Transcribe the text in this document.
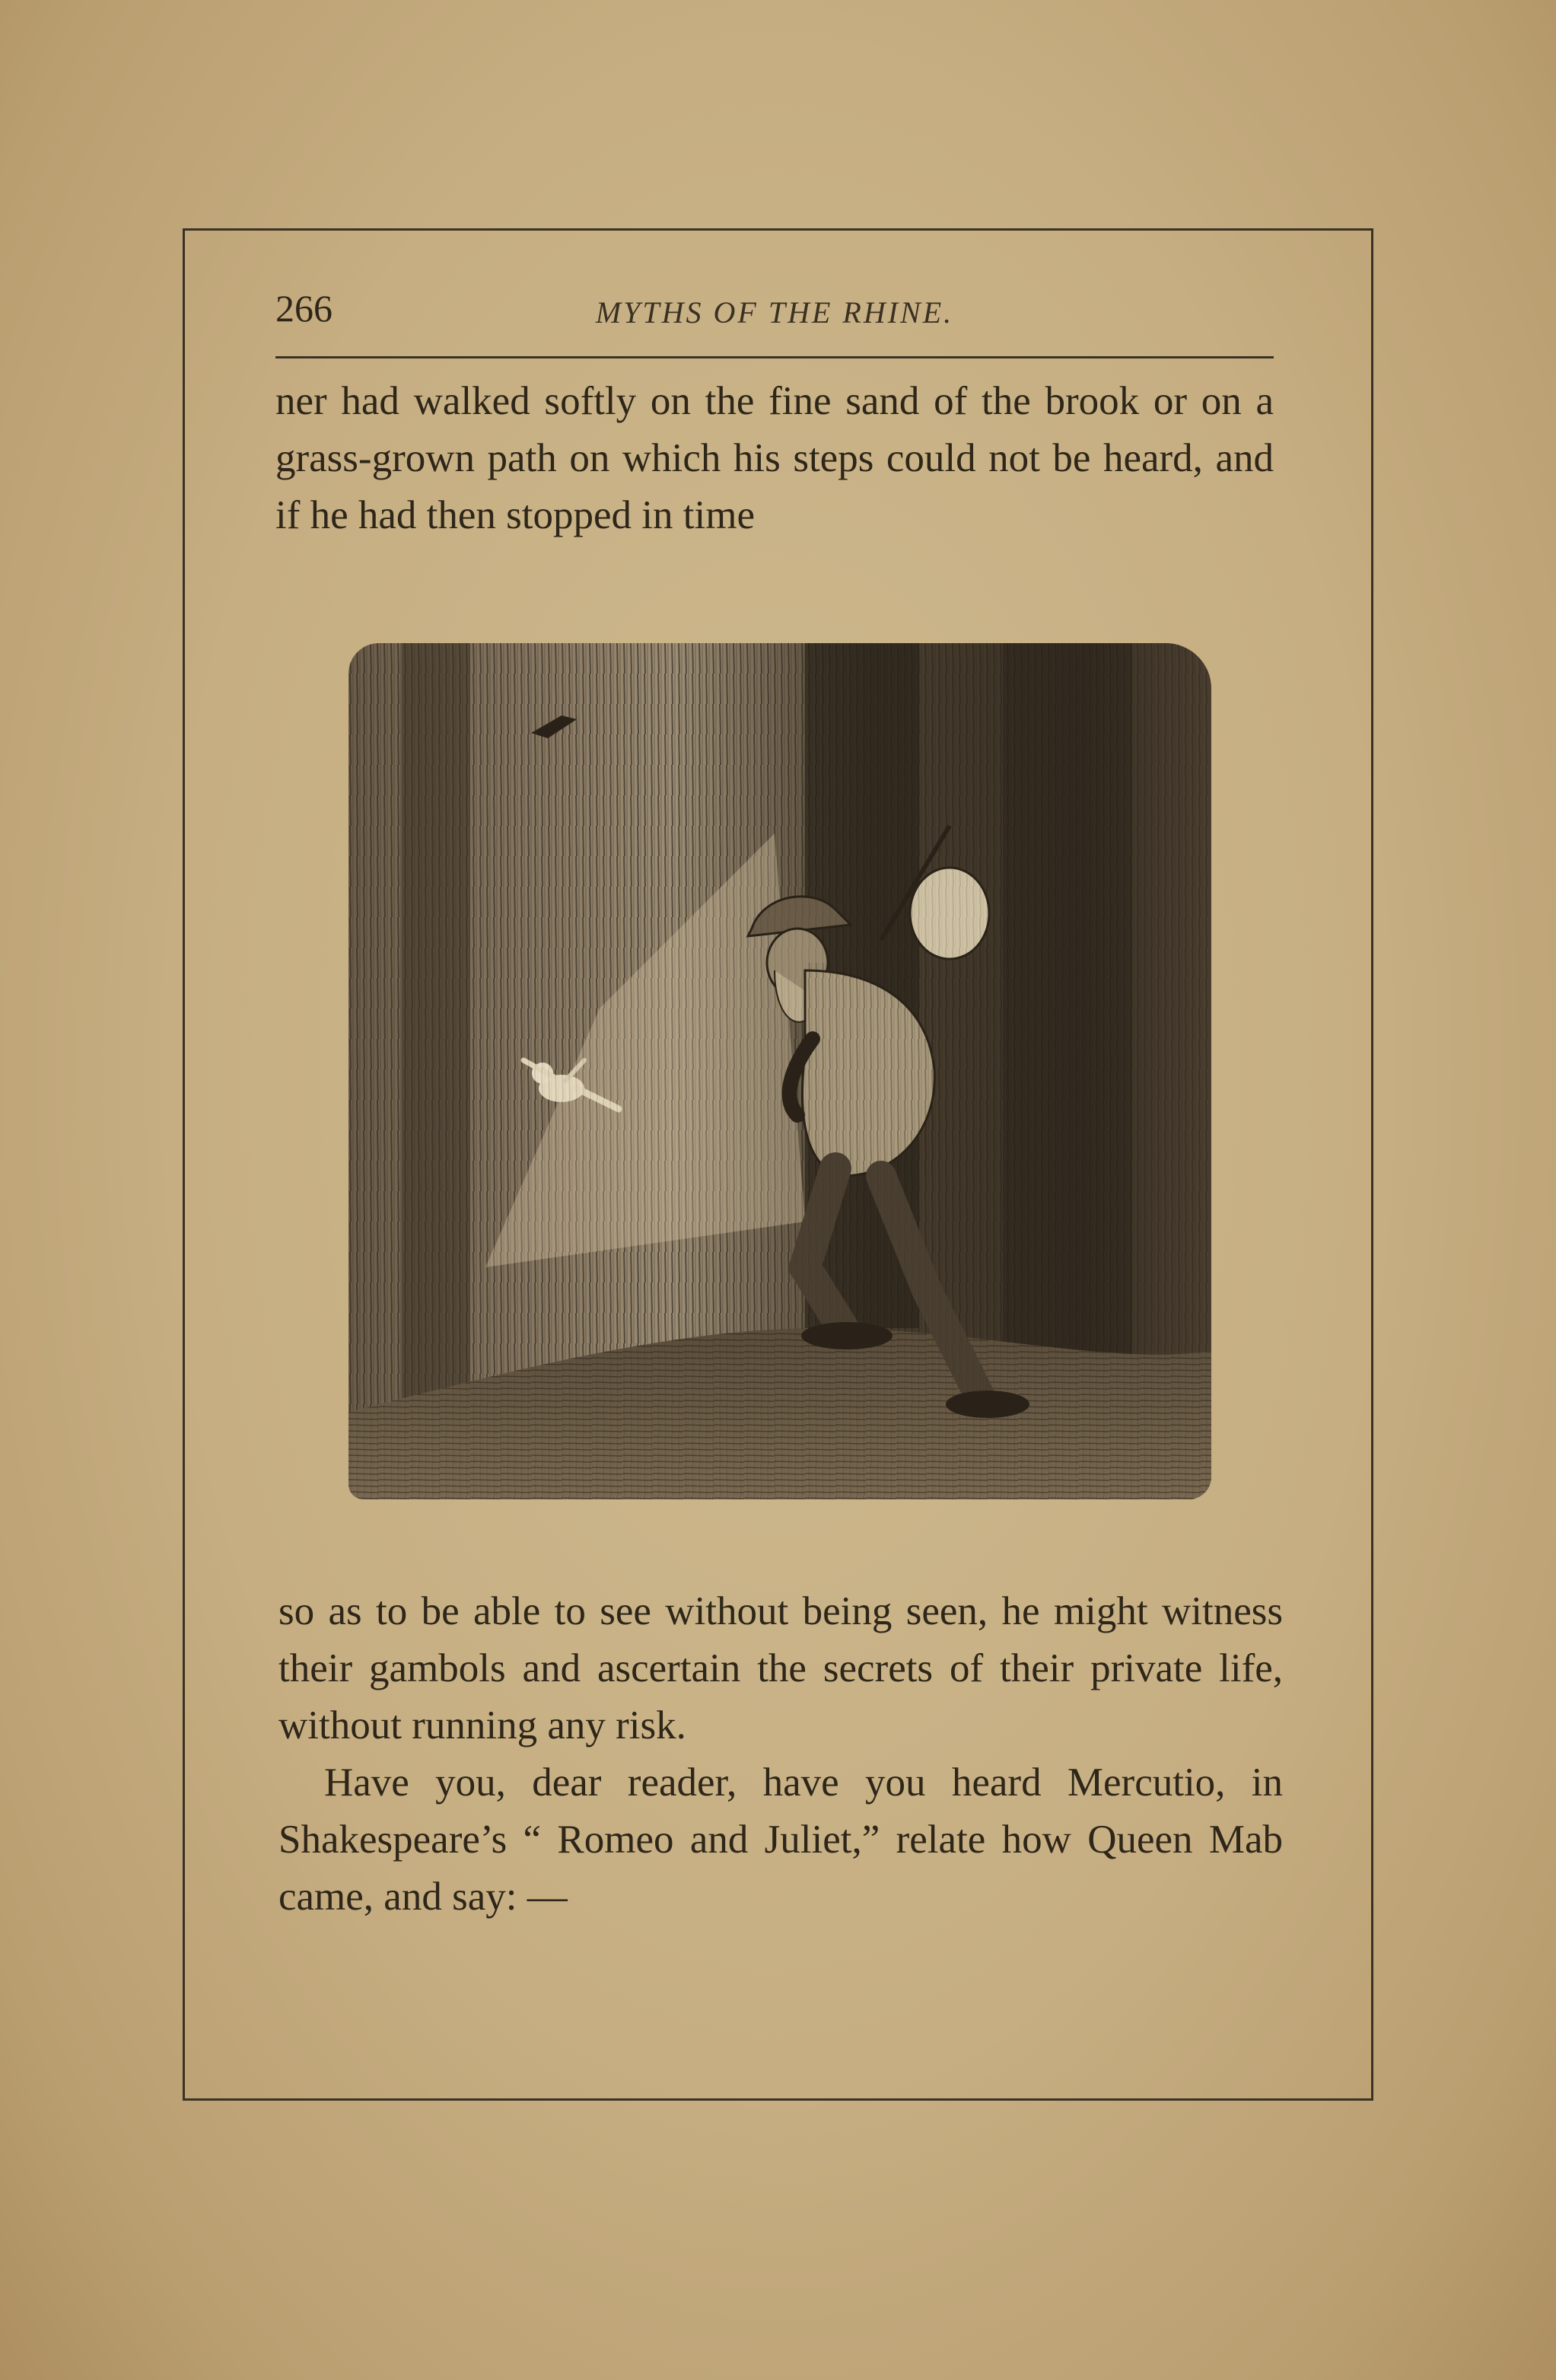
266	MYTHS OF THE RHINE.

ner had walked softly on the fine sand of the brook or on a grass-grown path on which his steps could not be heard, and if he had then stopped in time

so as to be able to see without being seen, he might witness their gambols and ascertain the secrets of their private life, without running any risk.

Have you, dear reader, have you heard Mercutio, in Shakespeare’s “ Romeo and Juliet,” relate how Queen Mab came, and say: —
